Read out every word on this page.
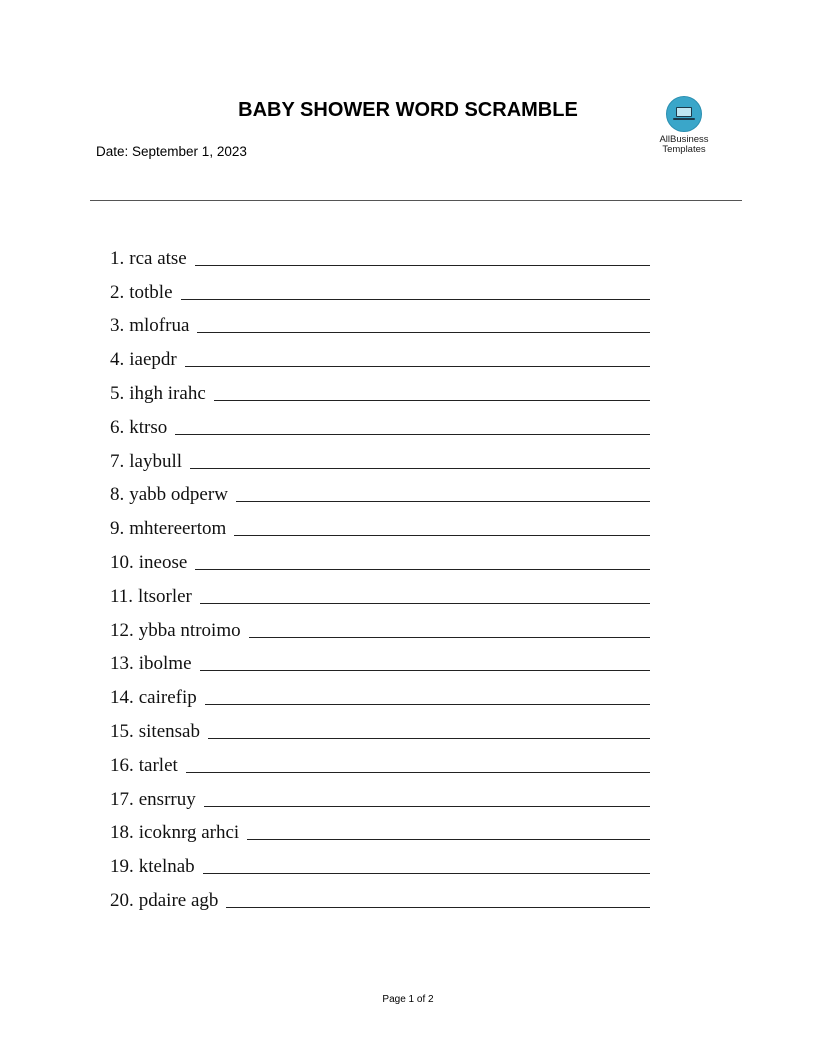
BABY SHOWER WORD SCRAMBLE
Date: September 1, 2023
AllBusiness
Templates
1. rca atse
2. totble
3. mlofrua
4. iaepdr
5. ihgh irahc
6. ktrso
7. laybull
8. yabb odperw
9. mhtereertom
10. ineose
11. ltsorler
12. ybba ntroimo
13. ibolme
14. cairefip
15. sitensab
16. tarlet
17. ensrruy
18. icoknrg arhci
19. ktelnab
20. pdaire agb
Page 1 of 2
